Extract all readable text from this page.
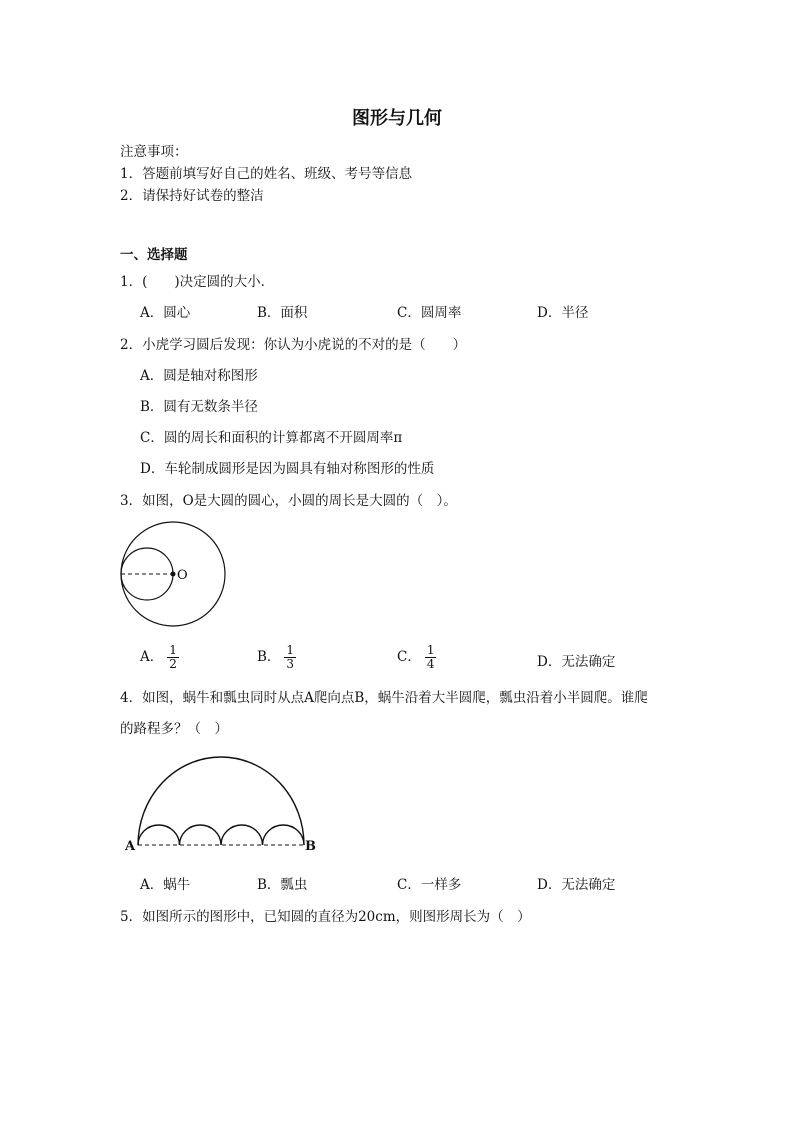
图形与几何
注意事项：
1．答题前填写好自己的姓名、班级、考号等信息
2．请保持好试卷的整洁
一、选择题
1．(　　)决定圆的大小．
A．圆心	B．面积	C．圆周率	D．半径
2．小虎学习圆后发现：你认为小虎说的不对的是（　　）
A．圆是轴对称图形
B．圆有无数条半径
C．圆的周长和面积的计算都离不开圆周率π
D．车轮制成圆形是因为圆具有轴对称图形的性质
3．如图，O是大圆的圆心，小圆的周长是大圆的（　）。
O
A． $\frac{1}{2}$	B． $\frac{1}{3}$	C． $\frac{1}{4}$	D．无法确定
4．如图，蜗牛和瓢虫同时从点A爬向点B，蜗牛沿着大半圆爬，瓢虫沿着小半圆爬。谁爬
的路程多？（　）
A	B
A．蜗牛	B．瓢虫	C．一样多	D．无法确定
5．如图所示的图形中，已知圆的直径为20cm，则图形周长为（　）
